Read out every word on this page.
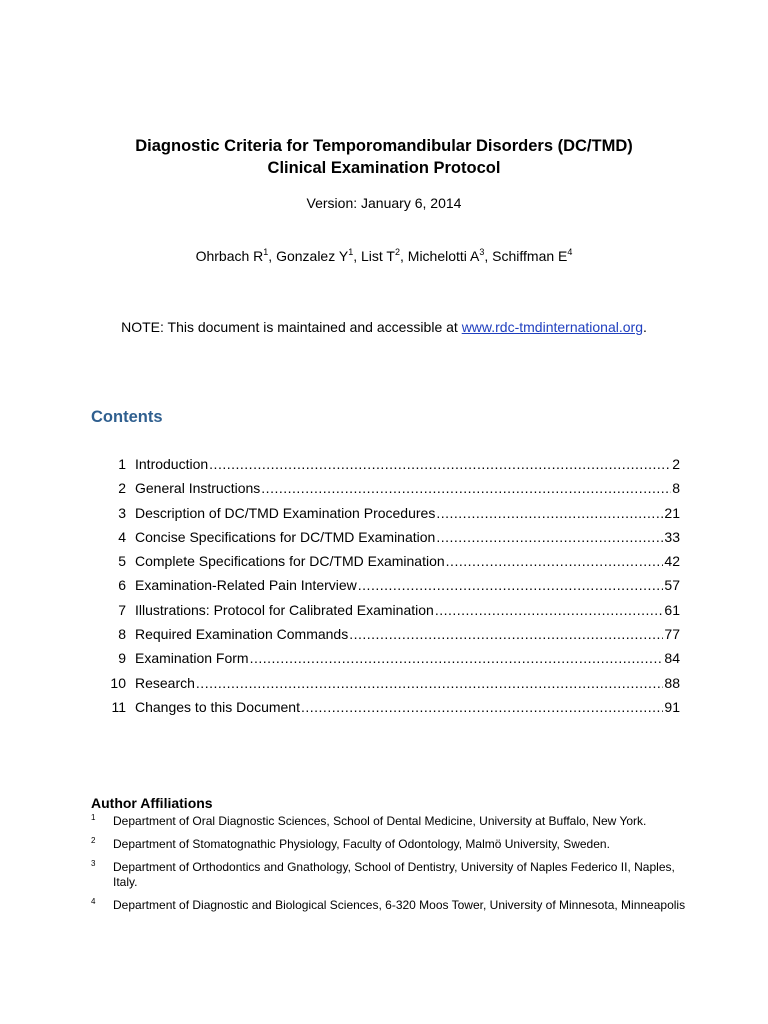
Diagnostic Criteria for Temporomandibular Disorders (DC/TMD)
Clinical Examination Protocol
Version: January 6, 2014
Ohrbach $R^1$, Gonzalez $Y^1$, List $T^2$, Michelotti $A^3$, Schiffman $E^4$
NOTE: This document is maintained and accessible at www.rdc-tmdinternational.org.
Contents
1 Introduction .....	2
2 General Instructions .....	8
3 Description of DC/TMD Examination Procedures .....	21
4 Concise Specifications for DC/TMD Examination .....	33
5 Complete Specifications for DC/TMD Examination .....	42
6 Examination-Related Pain Interview .....	57
7 Illustrations: Protocol for Calibrated Examination .....	61
8 Required Examination Commands .....	77
9 Examination Form .....	84
10 Research .....	88
11 Changes to this Document .....	91
Author Affiliations
1 Department of Oral Diagnostic Sciences, School of Dental Medicine, University at Buffalo, New York.
2 Department of Stomatognathic Physiology, Faculty of Odontology, Malmö University, Sweden.
3 Department of Orthodontics and Gnathology, School of Dentistry, University of Naples Federico II, Naples, Italy.
4 Department of Diagnostic and Biological Sciences, 6-320 Moos Tower, University of Minnesota, Minneapolis
